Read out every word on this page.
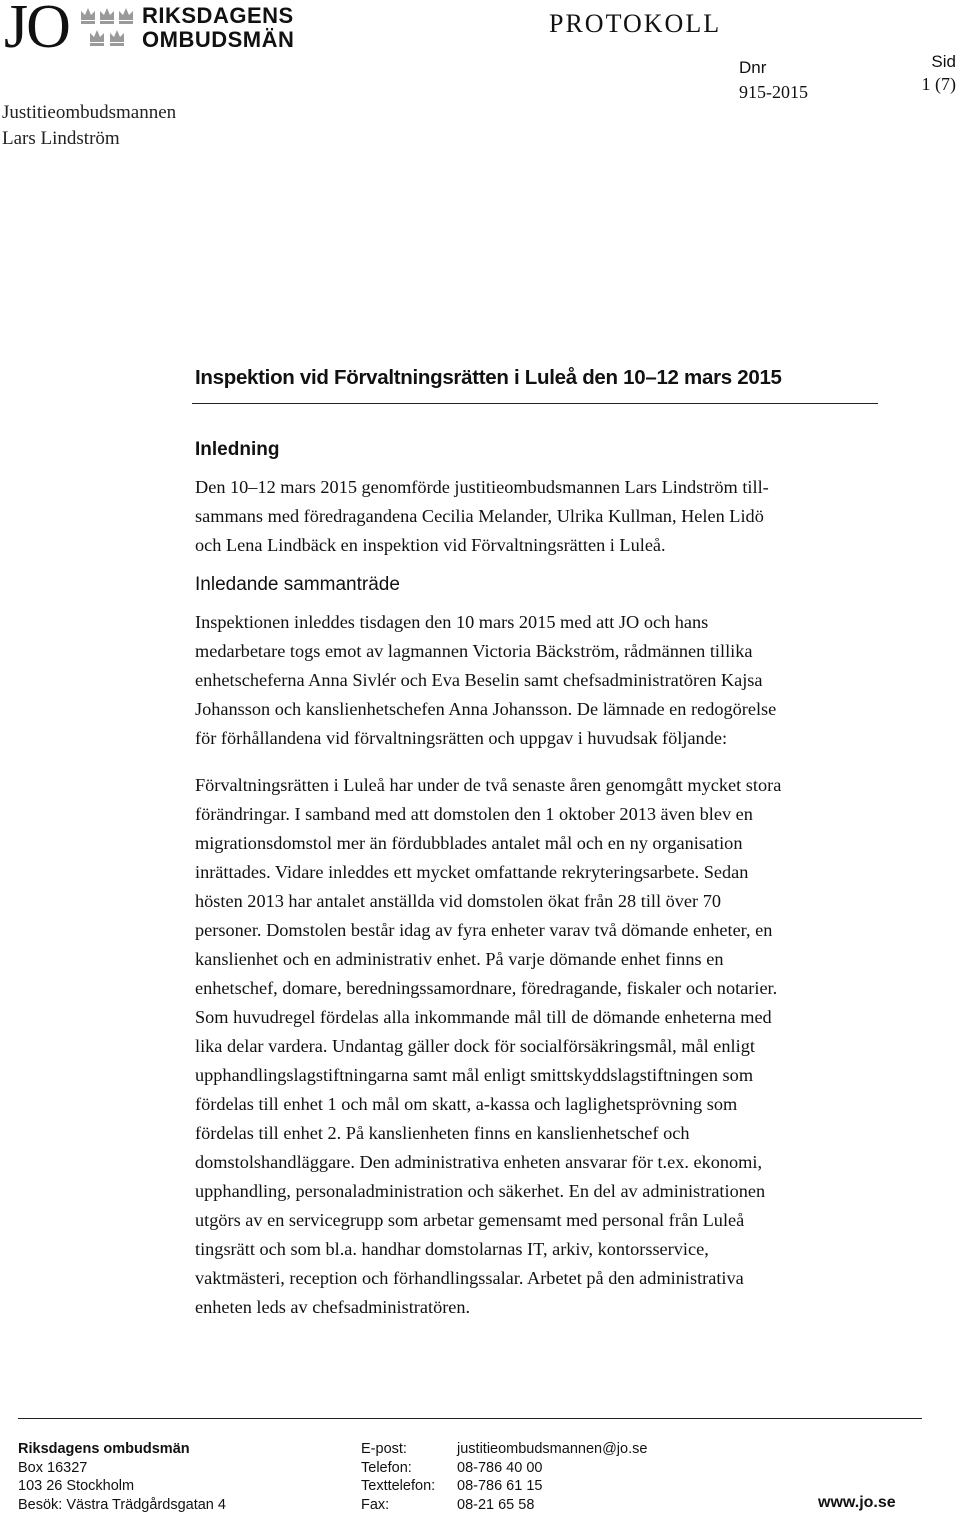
JO	RIKSDAGENS
OMBUDSMÄN
PROTOKOLL
Dnr
915-2015
Sid
1 (7)
Justitieombudsmannen
Lars Lindström
Inspektion vid Förvaltningsrätten i Luleå den 10–12 mars 2015
Inledning
Den 10–12 mars 2015 genomförde justitieombudsmannen Lars Lindström till-
sammans med föredragandena Cecilia Melander, Ulrika Kullman, Helen Lidö
och Lena Lindbäck en inspektion vid Förvaltningsrätten i Luleå.
Inledande sammanträde
Inspektionen inleddes tisdagen den 10 mars 2015 med att JO och hans
medarbetare togs emot av lagmannen Victoria Bäckström, rådmännen tillika
enhetscheferna Anna Sivlér och Eva Beselin samt chefsadministratören Kajsa
Johansson och kanslienhetschefen Anna Johansson. De lämnade en redogörelse
för förhållandena vid förvaltningsrätten och uppgav i huvudsak följande:
Förvaltningsrätten i Luleå har under de två senaste åren genomgått mycket stora
förändringar. I samband med att domstolen den 1 oktober 2013 även blev en
migrationsdomstol mer än fördubblades antalet mål och en ny organisation
inrättades. Vidare inleddes ett mycket omfattande rekryteringsarbete. Sedan
hösten 2013 har antalet anställda vid domstolen ökat från 28 till över 70
personer. Domstolen består idag av fyra enheter varav två dömande enheter, en
kanslienhet och en administrativ enhet. På varje dömande enhet finns en
enhetschef, domare, beredningssamordnare, föredragande, fiskaler och notarier.
Som huvudregel fördelas alla inkommande mål till de dömande enheterna med
lika delar vardera. Undantag gäller dock för socialförsäkringsmål, mål enligt
upphandlingslagstiftningarna samt mål enligt smittskyddslagstiftningen som
fördelas till enhet 1 och mål om skatt, a-kassa och laglighetsprövning som
fördelas till enhet 2. På kanslienheten finns en kanslienhetschef och
domstolshandläggare. Den administrativa enheten ansvarar för t.ex. ekonomi,
upphandling, personaladministration och säkerhet. En del av administrationen
utgörs av en servicegrupp som arbetar gemensamt med personal från Luleå
tingsrätt och som bl.a. handhar domstolarnas IT, arkiv, kontorsservice,
vaktmästeri, reception och förhandlingssalar. Arbetet på den administrativa
enheten leds av chefsadministratören.
Riksdagens ombudsmän
Box 16327
103 26 Stockholm
Besök: Västra Trädgårdsgatan 4
E-post:
Telefon:
Texttelefon:
Fax:
justitieombudsmannen@jo.se
08-786 40 00
08-786 61 15
08-21 65 58	www.jo.se
